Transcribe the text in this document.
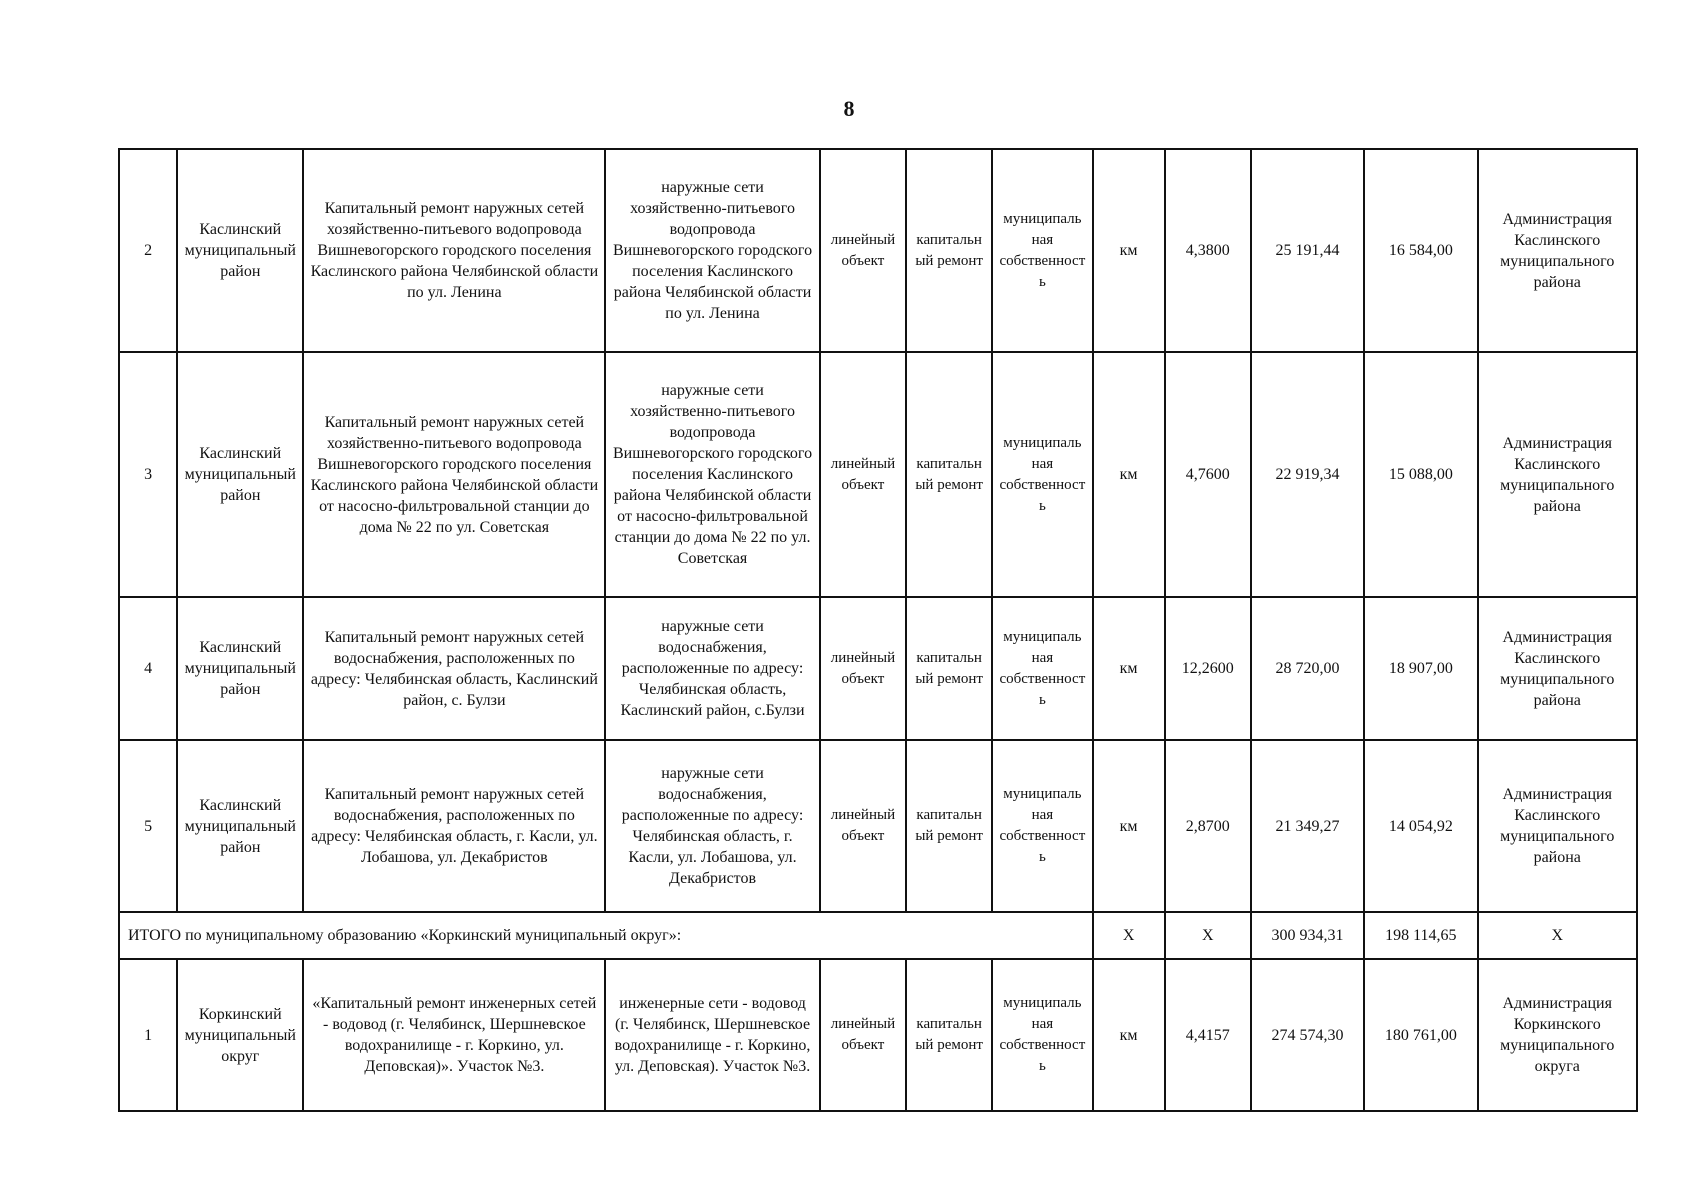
8
2	Каслинский муниципальный район	Капитальный ремонт наружных сетей хозяйственно-питьевого водопровода Вишневогорского городского поселения Каслинского района Челябинской области по ул. Ленина	наружные сети хозяйственно-питьевого водопровода Вишневогорского городского поселения Каслинского района Челябинской области по ул. Ленина	линейный объект	капитальный ремонт	муниципальная собственность	км	4,3800	25 191,44	16 584,00	Администрация Каслинского муниципального района
3	Каслинский муниципальный район	Капитальный ремонт наружных сетей хозяйственно-питьевого водопровода Вишневогорского городского поселения Каслинского района Челябинской области от насосно-фильтровальной станции до дома № 22 по ул. Советская	наружные сети хозяйственно-питьевого водопровода Вишневогорского городского поселения Каслинского района Челябинской области от насосно-фильтровальной станции до дома № 22 по ул. Советская	линейный объект	капитальный ремонт	муниципальная собственность	км	4,7600	22 919,34	15 088,00	Администрация Каслинского муниципального района
4	Каслинский муниципальный район	Капитальный ремонт наружных сетей водоснабжения, расположенных по адресу: Челябинская область, Каслинский район, с. Булзи	наружные сети водоснабжения, расположенные по адресу: Челябинская область, Каслинский район, с.Булзи	линейный объект	капитальный ремонт	муниципальная собственность	км	12,2600	28 720,00	18 907,00	Администрация Каслинского муниципального района
5	Каслинский муниципальный район	Капитальный ремонт наружных сетей водоснабжения, расположенных по адресу: Челябинская область, г. Касли, ул. Лобашова, ул. Декабристов	наружные сети водоснабжения, расположенные по адресу: Челябинская область, г. Касли, ул. Лобашова, ул. Декабристов	линейный объект	капитальный ремонт	муниципальная собственность	км	2,8700	21 349,27	14 054,92	Администрация Каслинского муниципального района
ИТОГО по муниципальному образованию «Коркинский муниципальный округ»:							Х	Х	300 934,31	198 114,65	Х
1	Коркинский муниципальный округ	«Капитальный ремонт инженерных сетей - водовод (г. Челябинск, Шершневское водохранилище - г. Коркино, ул. Деповская)». Участок №3.	инженерные сети - водовод (г. Челябинск, Шершневское водохранилище - г. Коркино, ул. Деповская). Участок №3.	линейный объект	капитальный ремонт	муниципальная собственность	км	4,4157	274 574,30	180 761,00	Администрация Коркинского муниципального округа
